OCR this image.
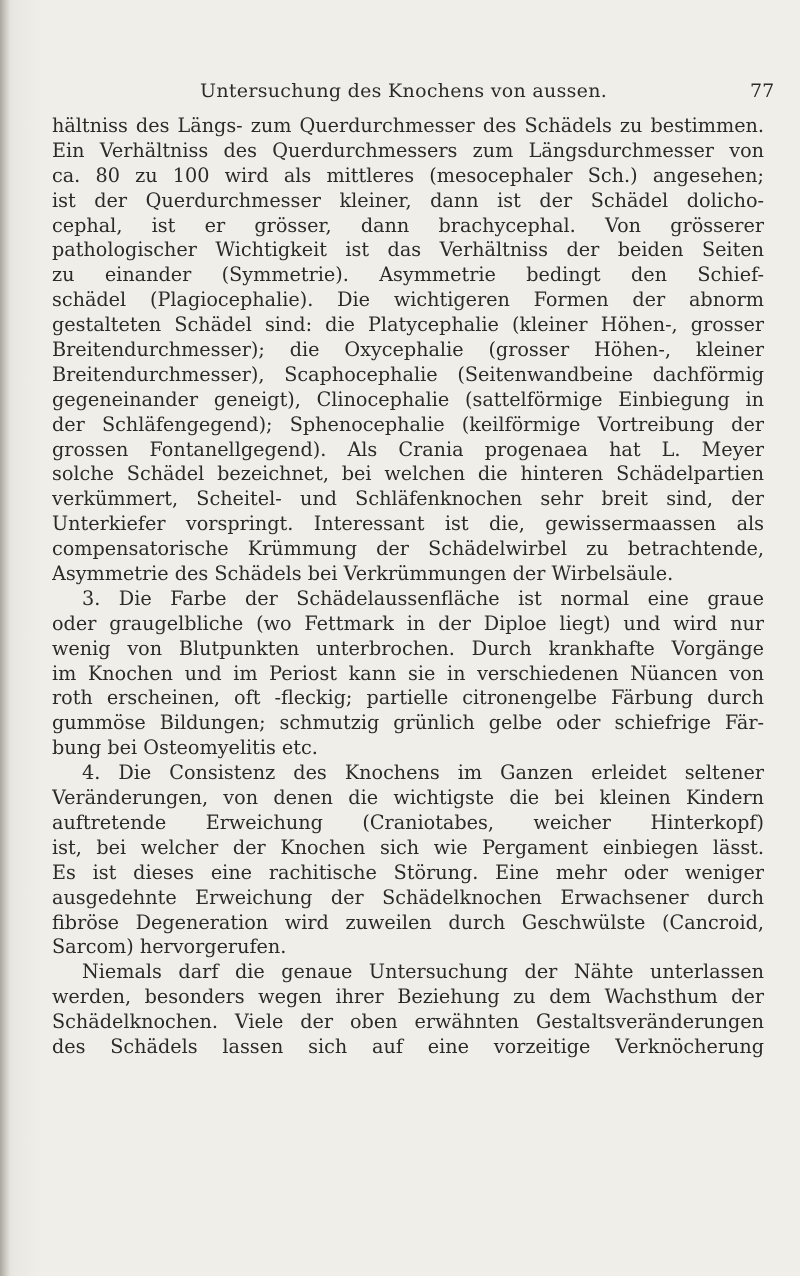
Untersuchung des Knochens von aussen.	77
hältniss des Längs- zum Querdurchmesser des Schädels zu bestimmen.
Ein Verhältniss des Querdurchmessers zum Längsdurchmesser von
ca. 80 zu 100 wird als mittleres (mesocephaler Sch.) angesehen;
ist der Querdurchmesser kleiner, dann ist der Schädel dolicho-
cephal, ist er grösser, dann brachycephal. Von grösserer
pathologischer Wichtigkeit ist das Verhältniss der beiden Seiten
zu einander (Symmetrie). Asymmetrie bedingt den Schief-
schädel (Plagiocephalie). Die wichtigeren Formen der abnorm
gestalteten Schädel sind: die Platycephalie (kleiner Höhen-, grosser
Breitendurchmesser); die Oxycephalie (grosser Höhen-, kleiner
Breitendurchmesser), Scaphocephalie (Seitenwandbeine dachförmig
gegeneinander geneigt), Clinocephalie (sattelförmige Einbiegung in
der Schläfengegend); Sphenocephalie (keilförmige Vortreibung der
grossen Fontanellgegend). Als Crania progenaea hat L. Meyer
solche Schädel bezeichnet, bei welchen die hinteren Schädelpartien
verkümmert, Scheitel- und Schläfenknochen sehr breit sind, der
Unterkiefer vorspringt. Interessant ist die, gewissermaassen als
compensatorische Krümmung der Schädelwirbel zu betrachtende,
Asymmetrie des Schädels bei Verkrümmungen der Wirbelsäule.
3. Die Farbe der Schädelaussenfläche ist normal eine graue
oder graugelbliche (wo Fettmark in der Diploe liegt) und wird nur
wenig von Blutpunkten unterbrochen. Durch krankhafte Vorgänge
im Knochen und im Periost kann sie in verschiedenen Nüancen von
roth erscheinen, oft -fleckig; partielle citronengelbe Färbung durch
gummöse Bildungen; schmutzig grünlich gelbe oder schiefrige Fär-
bung bei Osteomyelitis etc.
4. Die Consistenz des Knochens im Ganzen erleidet seltener
Veränderungen, von denen die wichtigste die bei kleinen Kindern
auftretende Erweichung (Craniotabes, weicher Hinterkopf)
ist, bei welcher der Knochen sich wie Pergament einbiegen lässt.
Es ist dieses eine rachitische Störung. Eine mehr oder weniger
ausgedehnte Erweichung der Schädelknochen Erwachsener durch
fibröse Degeneration wird zuweilen durch Geschwülste (Cancroid,
Sarcom) hervorgerufen.
Niemals darf die genaue Untersuchung der Nähte unterlassen
werden, besonders wegen ihrer Beziehung zu dem Wachsthum der
Schädelknochen. Viele der oben erwähnten Gestaltsveränderungen
des Schädels lassen sich auf eine vorzeitige Verknöcherung
